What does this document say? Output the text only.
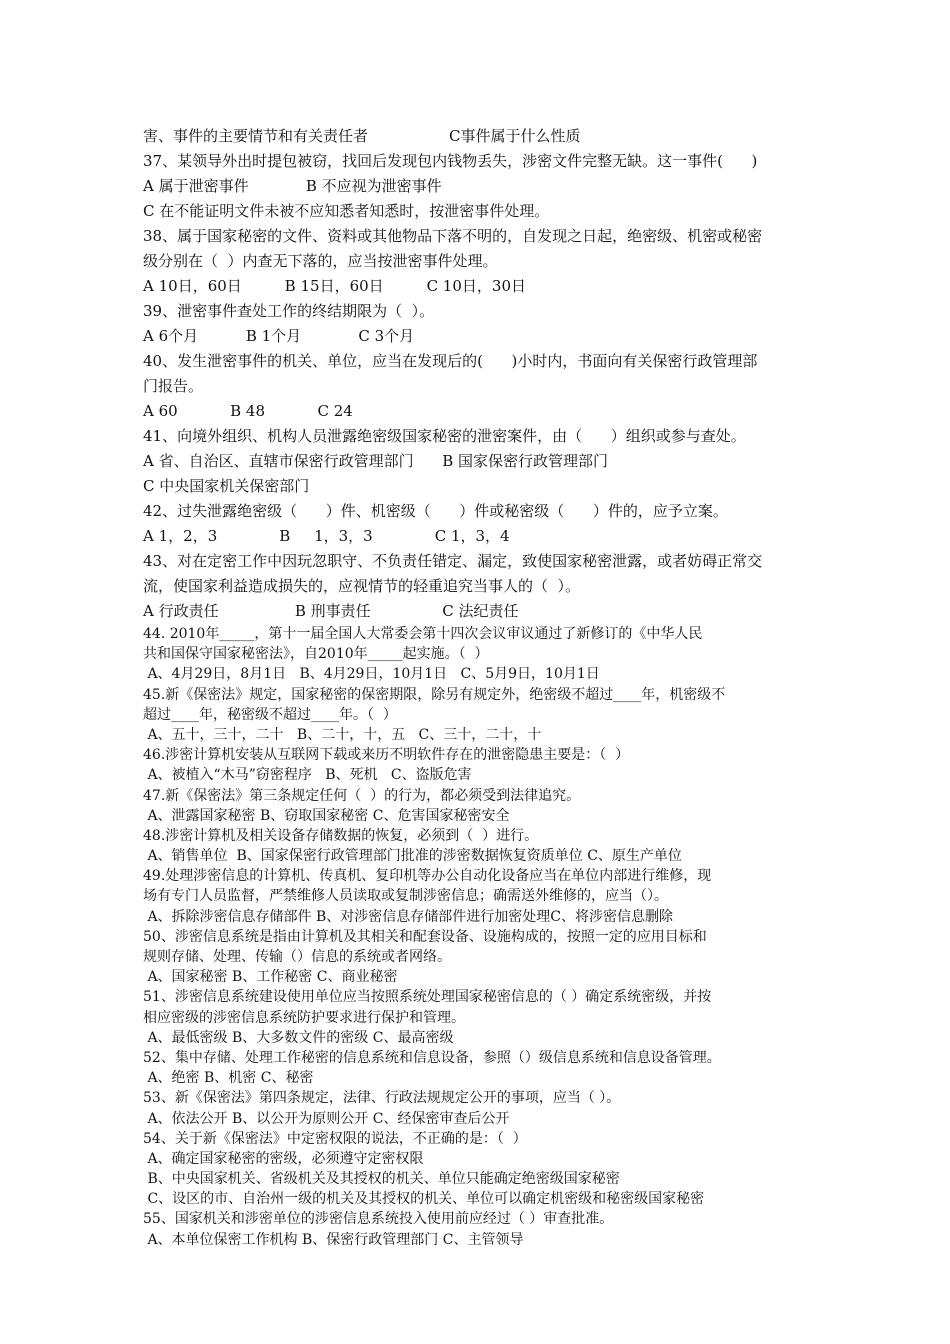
害、事件的主要情节和有关责任者                 C事件属于什么性质
37、某领导外出时提包被窃，找回后发现包内钱物丢失，涉密文件完整无缺。这一事件(      )
A 属于泄密事件            B 不应视为泄密事件
C 在不能证明文件未被不应知悉者知悉时，按泄密事件处理。
38、属于国家秘密的文件、资料或其他物品下落不明的，自发现之日起，绝密级、机密或秘密
级分别在（  ）内查无下落的，应当按泄密事件处理。
A 10日，60日         B 15日，60日         C 10日，30日
39、泄密事件查处工作的终结期限为（  ）。
A 6个月          B 1个月            C 3个月
40、发生泄密事件的机关、单位，应当在发现后的(      )小时内，书面向有关保密行政管理部
门报告。
A 60           B 48           C 24
41、向境外组织、机构人员泄露绝密级国家秘密的泄密案件，由（      ）组织或参与查处。
A 省、自治区、直辖市保密行政管理部门      B 国家保密行政管理部门
C 中央国家机关保密部门
42、过失泄露绝密级（      ）件、机密级（      ）件或秘密级（      ）件的，应予立案。
A 1，2，3             B     1，3，3             C 1，3，4
43、对在定密工作中因玩忽职守、不负责任错定、漏定，致使国家秘密泄露，或者妨碍正常交
流，使国家利益造成损失的，应视情节的轻重追究当事人的（  ）。
A 行政责任                B 刑事责任               C 法纪责任
44. 2010年_____，第十一届全国人大常委会第十四次会议审议通过了新修订的《中华人民
共和国保守国家秘密法》，自2010年_____起实施。（  ）
A、4月29日，8月1日   B、4月29日，10月1日   C、5月9日，10月1日
45.新《保密法》规定，国家秘密的保密期限，除另有规定外，绝密级不超过____年，机密级不
超过____年，秘密级不超过____年。（  ）
A、五十，三十，二十   B、二十，十，五   C、三十，二十，十
46.涉密计算机安装从互联网下载或来历不明软件存在的泄密隐患主要是：（  ）
A、被植入“木马”窃密程序   B、死机   C、盗版危害
47.新《保密法》第三条规定任何（  ）的行为，都必须受到法律追究。
A、泄露国家秘密 B、窃取国家秘密 C、危害国家秘密安全
48.涉密计算机及相关设备存储数据的恢复，必须到（  ）进行。
A、销售单位  B、国家保密行政管理部门批准的涉密数据恢复资质单位 C、原生产单位
49.处理涉密信息的计算机、传真机、复印机等办公自动化设备应当在单位内部进行维修，现
场有专门人员监督，严禁维修人员读取或复制涉密信息；确需送外维修的，应当（）。
A、拆除涉密信息存储部件 B、对涉密信息存储部件进行加密处理C、将涉密信息删除
50、涉密信息系统是指由计算机及其相关和配套设备、设施构成的，按照一定的应用目标和
规则存储、处理、传输（）信息的系统或者网络。
A、国家秘密 B、工作秘密 C、商业秘密
51、涉密信息系统建设使用单位应当按照系统处理国家秘密信息的（ ）确定系统密级，并按
相应密级的涉密信息系统防护要求进行保护和管理。
A、最低密级 B、大多数文件的密级 C、最高密级
52、集中存储、处理工作秘密的信息系统和信息设备，参照（）级信息系统和信息设备管理。
A、绝密 B、机密 C、秘密
53、新《保密法》第四条规定，法律、行政法规规定公开的事项，应当（ ）。
A、依法公开 B、以公开为原则公开 C、经保密审查后公开
54、关于新《保密法》中定密权限的说法，不正确的是：（  ）
A、确定国家秘密的密级，必须遵守定密权限
B、中央国家机关、省级机关及其授权的机关、单位只能确定绝密级国家秘密
C、设区的市、自治州一级的机关及其授权的机关、单位可以确定机密级和秘密级国家秘密
55、国家机关和涉密单位的涉密信息系统投入使用前应经过（ ）审查批准。
A、本单位保密工作机构 B、保密行政管理部门 C、主管领导
